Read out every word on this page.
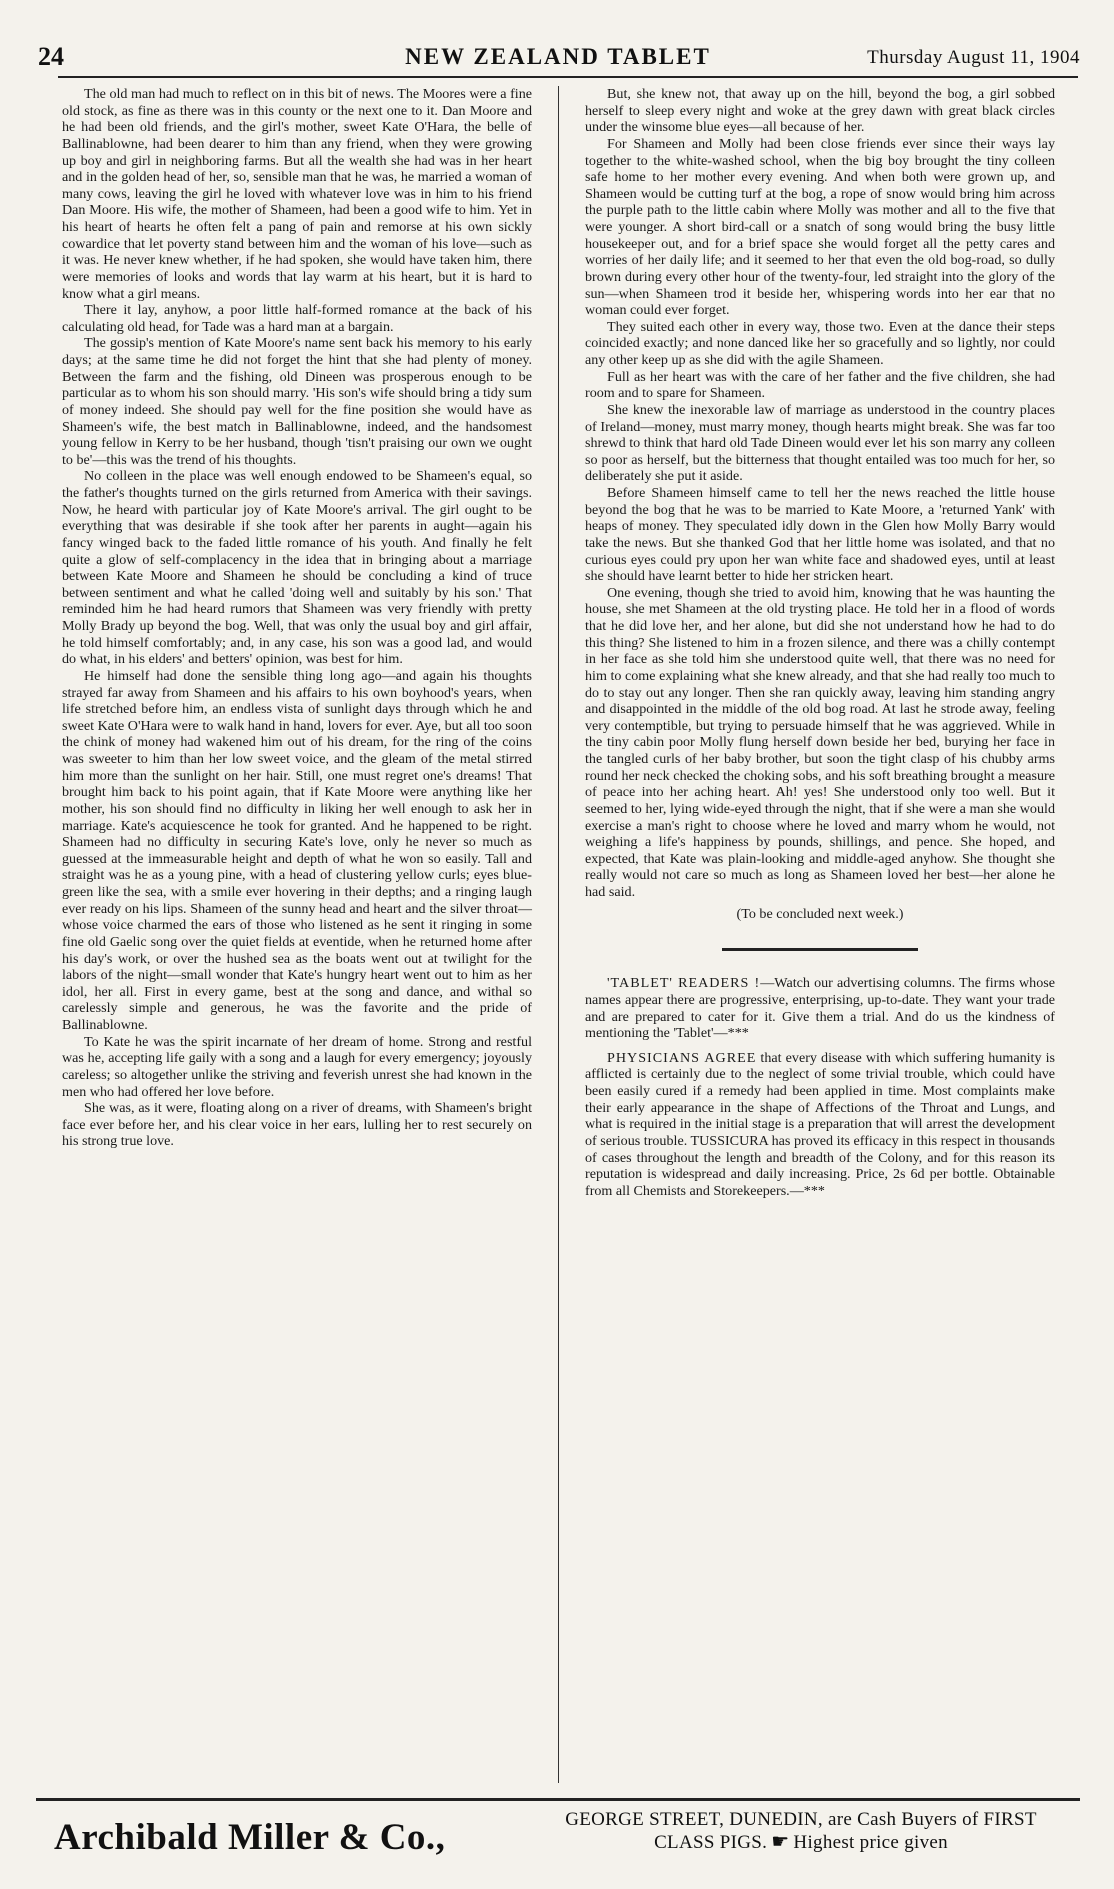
24	NEW ZEALAND TABLET	Thursday August 11, 1904

The old man had much to reflect on in this bit of news. The Moores were a fine old stock, as fine as there was in this county or the next one to it. Dan Moore and he had been old friends, and the girl's mother, sweet Kate O'Hara, the belle of Ballinablowne, had been dearer to him than any friend, when they were growing up boy and girl in neighboring farms. But all the wealth she had was in her heart and in the golden head of her, so, sensible man that he was, he married a woman of many cows, leaving the girl he loved with whatever love was in him to his friend Dan Moore. His wife, the mother of Shameen, had been a good wife to him. Yet in his heart of hearts he often felt a pang of pain and remorse at his own sickly cowardice that let poverty stand between him and the woman of his love—such as it was. He never knew whether, if he had spoken, she would have taken him, there were memories of looks and words that lay warm at his heart, but it is hard to know what a girl means.

There it lay, anyhow, a poor little half-formed romance at the back of his calculating old head, for Tade was a hard man at a bargain.

The gossip's mention of Kate Moore's name sent back his memory to his early days; at the same time he did not forget the hint that she had plenty of money. Between the farm and the fishing, old Dineen was prosperous enough to be particular as to whom his son should marry. 'His son's wife should bring a tidy sum of money indeed. She should pay well for the fine position she would have as Shameen's wife, the best match in Ballinablowne, indeed, and the handsomest young fellow in Kerry to be her husband, though 'tisn't praising our own we ought to be'—this was the trend of his thoughts.

No colleen in the place was well enough endowed to be Shameen's equal, so the father's thoughts turned on the girls returned from America with their savings. Now, he heard with particular joy of Kate Moore's arrival. The girl ought to be everything that was desirable if she took after her parents in aught—again his fancy winged back to the faded little romance of his youth. And finally he felt quite a glow of self-complacency in the idea that in bringing about a marriage between Kate Moore and Shameen he should be concluding a kind of truce between sentiment and what he called 'doing well and suitably by his son.' That reminded him he had heard rumors that Shameen was very friendly with pretty Molly Brady up beyond the bog. Well, that was only the usual boy and girl affair, he told himself comfortably; and, in any case, his son was a good lad, and would do what, in his elders' and betters' opinion, was best for him.

He himself had done the sensible thing long ago—and again his thoughts strayed far away from Shameen and his affairs to his own boyhood's years, when life stretched before him, an endless vista of sunlight days through which he and sweet Kate O'Hara were to walk hand in hand, lovers for ever. Aye, but all too soon the chink of money had wakened him out of his dream, for the ring of the coins was sweeter to him than her low sweet voice, and the gleam of the metal stirred him more than the sunlight on her hair. Still, one must regret one's dreams! That brought him back to his point again, that if Kate Moore were anything like her mother, his son should find no difficulty in liking her well enough to ask her in marriage. Kate's acquiescence he took for granted. And he happened to be right. Shameen had no difficulty in securing Kate's love, only he never so much as guessed at the immeasurable height and depth of what he won so easily. Tall and straight was he as a young pine, with a head of clustering yellow curls; eyes blue-green like the sea, with a smile ever hovering in their depths; and a ringing laugh ever ready on his lips. Shameen of the sunny head and heart and the silver throat—whose voice charmed the ears of those who listened as he sent it ringing in some fine old Gaelic song over the quiet fields at eventide, when he returned home after his day's work, or over the hushed sea as the boats went out at twilight for the labors of the night—small wonder that Kate's hungry heart went out to him as her idol, her all. First in every game, best at the song and dance, and withal so carelessly simple and generous, he was the favorite and the pride of Ballinablowne.

To Kate he was the spirit incarnate of her dream of home. Strong and restful was he, accepting life gaily with a song and a laugh for every emergency; joyously careless; so altogether unlike the striving and feverish unrest she had known in the men who had offered her love before.

She was, as it were, floating along on a river of dreams, with Shameen's bright face ever before her, and his clear voice in her ears, lulling her to rest securely on his strong true love.

But, she knew not, that away up on the hill, beyond the bog, a girl sobbed herself to sleep every night and woke at the grey dawn with great black circles under the winsome blue eyes—all because of her.

For Shameen and Molly had been close friends ever since their ways lay together to the white-washed school, when the big boy brought the tiny colleen safe home to her mother every evening. And when both were grown up, and Shameen would be cutting turf at the bog, a rope of snow would bring him across the purple path to the little cabin where Molly was mother and all to the five that were younger. A short bird-call or a snatch of song would bring the busy little housekeeper out, and for a brief space she would forget all the petty cares and worries of her daily life; and it seemed to her that even the old bog-road, so dully brown during every other hour of the twenty-four, led straight into the glory of the sun—when Shameen trod it beside her, whispering words into her ear that no woman could ever forget.

They suited each other in every way, those two. Even at the dance their steps coincided exactly; and none danced like her so gracefully and so lightly, nor could any other keep up as she did with the agile Shameen.

Full as her heart was with the care of her father and the five children, she had room and to spare for Shameen.

She knew the inexorable law of marriage as understood in the country places of Ireland—money, must marry money, though hearts might break. She was far too shrewd to think that hard old Tade Dineen would ever let his son marry any colleen so poor as herself, but the bitterness that thought entailed was too much for her, so deliberately she put it aside.

Before Shameen himself came to tell her the news reached the little house beyond the bog that he was to be married to Kate Moore, a 'returned Yank' with heaps of money. They speculated idly down in the Glen how Molly Barry would take the news. But she thanked God that her little home was isolated, and that no curious eyes could pry upon her wan white face and shadowed eyes, until at least she should have learnt better to hide her stricken heart.

One evening, though she tried to avoid him, knowing that he was haunting the house, she met Shameen at the old trysting place. He told her in a flood of words that he did love her, and her alone, but did she not understand how he had to do this thing? She listened to him in a frozen silence, and there was a chilly contempt in her face as she told him she understood quite well, that there was no need for him to come explaining what she knew already, and that she had really too much to do to stay out any longer. Then she ran quickly away, leaving him standing angry and disappointed in the middle of the old bog road. At last he strode away, feeling very contemptible, but trying to persuade himself that he was aggrieved. While in the tiny cabin poor Molly flung herself down beside her bed, burying her face in the tangled curls of her baby brother, but soon the tight clasp of his chubby arms round her neck checked the choking sobs, and his soft breathing brought a measure of peace into her aching heart. Ah! yes! She understood only too well. But it seemed to her, lying wide-eyed through the night, that if she were a man she would exercise a man's right to choose where he loved and marry whom he would, not weighing a life's happiness by pounds, shillings, and pence. She hoped, and expected, that Kate was plain-looking and middle-aged anyhow. She thought she really would not care so much as long as Shameen loved her best—her alone he had said.

(To be concluded next week.)

'TABLET' READERS !—Watch our advertising columns. The firms whose names appear there are progressive, enterprising, up-to-date. They want your trade and are prepared to cater for it. Give them a trial. And do us the kindness of mentioning the 'Tablet'—***

PHYSICIANS AGREE that every disease with which suffering humanity is afflicted is certainly due to the neglect of some trivial trouble, which could have been easily cured if a remedy had been applied in time. Most complaints make their early appearance in the shape of Affections of the Throat and Lungs, and what is required in the initial stage is a preparation that will arrest the development of serious trouble. TUSSICURA has proved its efficacy in this respect in thousands of cases throughout the length and breadth of the Colony, and for this reason its reputation is widespread and daily increasing. Price, 2s 6d per bottle. Obtainable from all Chemists and Storekeepers.—***

Archibald Miller & Co.,	GEORGE STREET, DUNEDIN, are Cash Buyers of FIRST
CLASS PIGS. ☛ Highest price given
